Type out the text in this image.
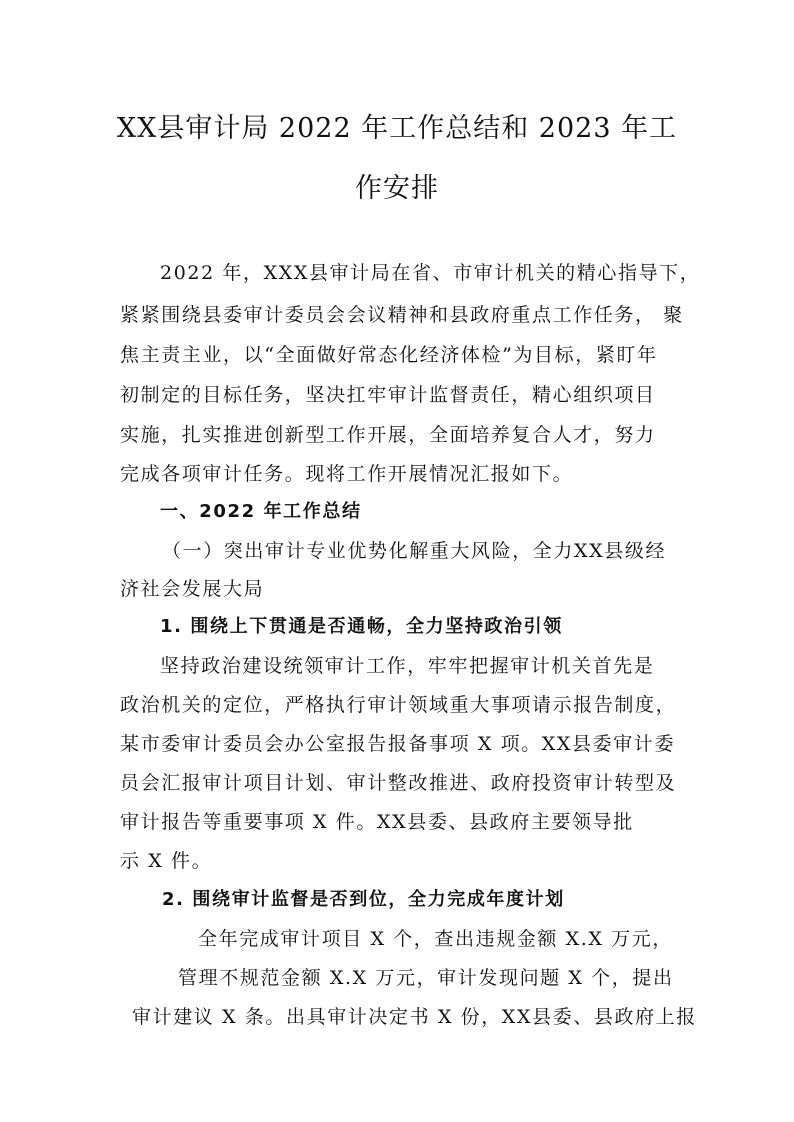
XX县审计局 2022 年工作总结和 2023 年工
作安排
2022 年，XXX县审计局在省、市审计机关的精心指导下，
紧紧围绕县委审计委员会会议精神和县政府重点工作任务， 聚
焦主责主业，以“全面做好常态化经济体检”为目标，紧盯年
初制定的目标任务，坚决扛牢审计监督责任，精心组织项目
实施，扎实推进创新型工作开展，全面培养复合人才，努力
完成各项审计任务。现将工作开展情况汇报如下。
一、2022 年工作总结
（一）突出审计专业优势化解重大风险，全力XX县级经
济社会发展大局
1. 围绕上下贯通是否通畅，全力坚持政治引领
坚持政治建设统领审计工作，牢牢把握审计机关首先是
政治机关的定位，严格执行审计领域重大事项请示报告制度，
某市委审计委员会办公室报告报备事项 X 项。XX县委审计委
员会汇报审计项目计划、审计整改推进、政府投资审计转型及
审计报告等重要事项 X 件。XX县委、县政府主要领导批
示 X 件。
2. 围绕审计监督是否到位，全力完成年度计划
全年完成审计项目 X 个，查出违规金额 X.X 万元，
管理不规范金额 X.X 万元，审计发现问题 X 个，提出
审计建议 X 条。出具审计决定书 X 份，XX县委、县政府上报
